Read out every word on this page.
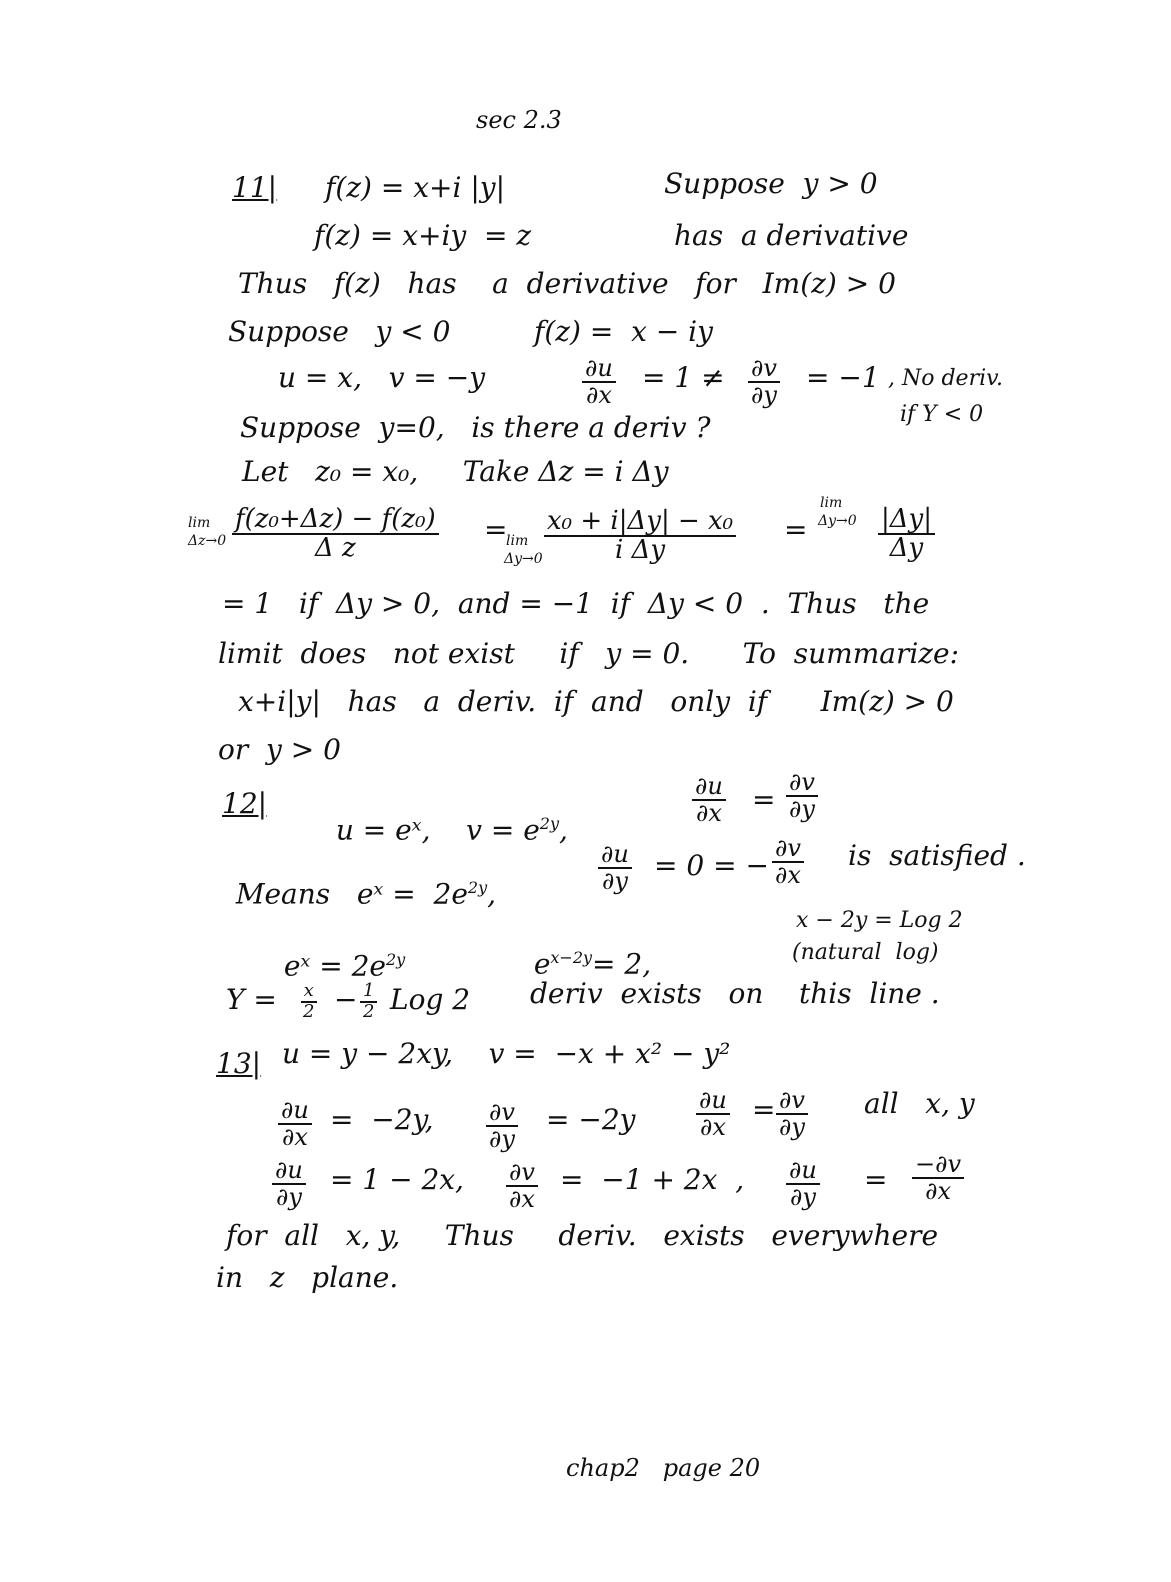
sec 2.3
11| f(z) = x+i |y|	Suppose  y > 0
f(z) = x+iy  = z	has  a derivative
Thus   f(z)   has    a  derivative   for   Im(z) > 0
Suppose   y < 0	f(z) =  x − iy
u = x,   v = −y	$\frac{\partial u}{\partial x} = 1 \ne \frac{\partial v}{\partial y} = -1$ , No deriv.
if Y < 0
Suppose  y=0,   is there a deriv ?
Let   z₀ = x₀,     Take Δz = i Δy
lim
$\Delta z\to 0 \frac{\text{f(z₀+Δz) − f(z₀)}}{\text{Δ z}}$ =
lim
$\Delta y\to 0 \frac{\text{x₀ + i|Δy| − x₀}}{\text{i Δy}}$ =
lim
$\Delta y\to 0 \frac{|\Delta y|}{\Delta y}$
= 1   if  Δy > 0,  and = −1  if  Δy < 0  .  Thus   the
limit  does   not exist     if   y = 0.      To  summarize:
x+i|y|   has   a  deriv.  if  and   only  if      Im(z) > 0
or  y > 0
12|

u = eˣ,    $v = e^{2y}$,

$\frac{\partial u}{\partial x} = \frac{\partial v}{\partial y}$

Means   eˣ =  $2e^{2y}$,	$\frac{\partial u}{\partial y} = 0$ = − $\frac{\partial v}{\partial x}$ is  satisfied .

eˣ = $2e^{2y}$	$e^{x-2y}= 2$,

x − 2y = Log 2
(natural  log)
$Y = \frac{x}{2} - \frac{1}{2}$ Log 2 deriv  exists   on    this  line .
13| u = y − 2xy,    v =  −x + x² − y²
$\frac{\partial u}{\partial x} = -2y$, $\frac{\partial v}{\partial y} = -2y$	$\frac{\partial u}{\partial x} = \frac{\partial v}{\partial y}$ all   x, y
$\frac{\partial u}{\partial y} = 1 - 2x$, $\frac{\partial v}{\partial x} = -1 + 2x$  , $\frac{\partial u}{\partial y} = \frac{-\partial v}{\partial x}$
for  all   x, y,     Thus     deriv.   exists   everywhere
in   z   plane.
chap2   page 20
